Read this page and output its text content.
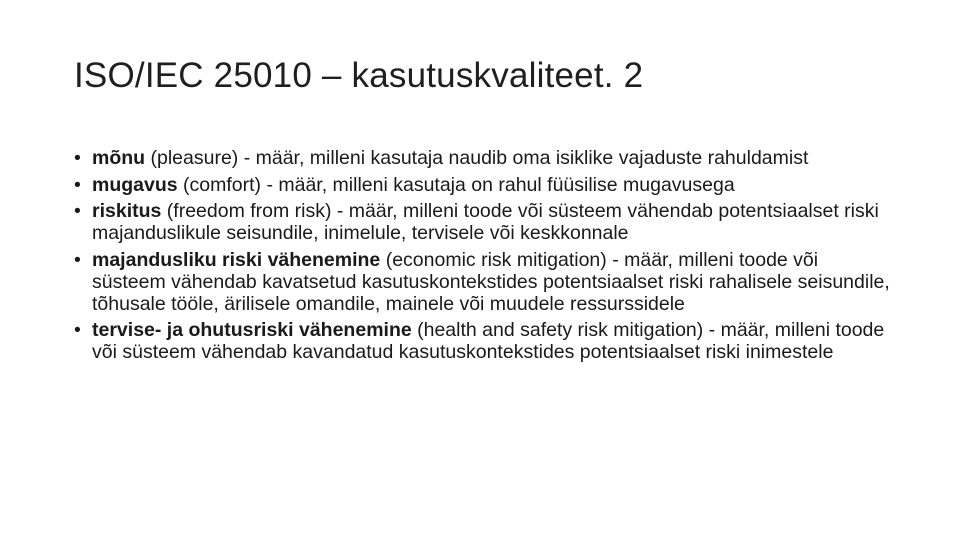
ISO/IEC 25010 – kasutuskvaliteet. 2
• mõnu (pleasure) - määr, milleni kasutaja naudib oma isiklike vajaduste rahuldamist
• mugavus (comfort) - määr, milleni kasutaja on rahul füüsilise mugavusega
• riskitus (freedom from risk) - määr, milleni toode või süsteem vähendab potentsiaalset riski majanduslikule seisundile, inimelule, tervisele või keskkonnale
• majandusliku riski vähenemine (economic risk mitigation) - määr, milleni toode või süsteem vähendab kavatsetud kasutuskontekstides potentsiaalset riski rahalisele seisundile, tõhusale tööle, ärilisele omandile, mainele või muudele ressurssidele
• tervise- ja ohutusriski vähenemine (health and safety risk mitigation) - määr, milleni toode või süsteem vähendab kavandatud kasutuskontekstides potentsiaalset riski inimestele
